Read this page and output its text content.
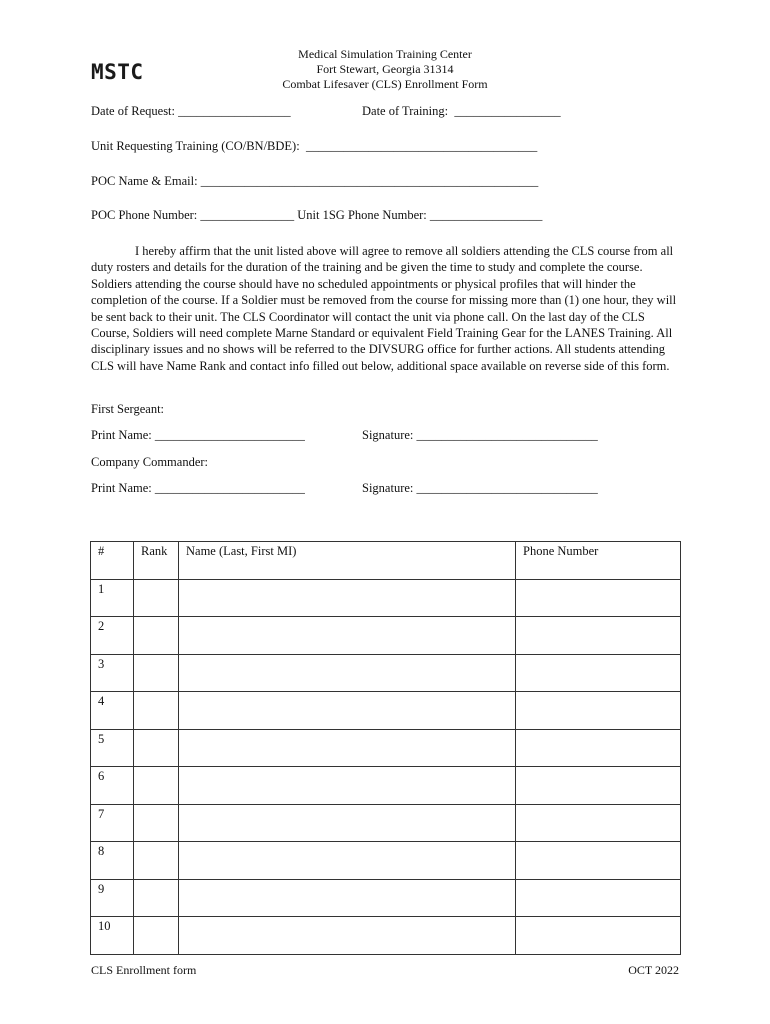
MSTC
Medical Simulation Training Center
Fort Stewart, Georgia 31314
Combat Lifesaver (CLS) Enrollment Form
Date of Request: __________________	Date of Training: _________________
Unit Requesting Training (CO/BN/BDE): _____________________________________
POC Name & Email: ______________________________________________________
POC Phone Number: _______________ Unit 1SG Phone Number: __________________
I hereby affirm that the unit listed above will agree to remove all soldiers attending the CLS course from all duty rosters and details for the duration of the training and be given the time to study and complete the course. Soldiers attending the course should have no scheduled appointments or physical profiles that will hinder the completion of the course. If a Soldier must be removed from the course for missing more than (1) one hour, they will be sent back to their unit. The CLS Coordinator will contact the unit via phone call. On the last day of the CLS Course, Soldiers will need complete Marne Standard or equivalent Field Training Gear for the LANES Training. All disciplinary issues and no shows will be referred to the DIVSURG office for further actions. All students attending CLS will have Name Rank and contact info filled out below, additional space available on reverse side of this form.
First Sergeant:
Print Name: ________________________	Signature: _____________________________
Company Commander:
Print Name: ________________________	Signature: _____________________________
#	Rank	Name (Last, First MI)	Phone Number
1			
2			
3			
4			
5			
6			
7			
8			
9			
10			
CLS Enrollment form	OCT 2022
